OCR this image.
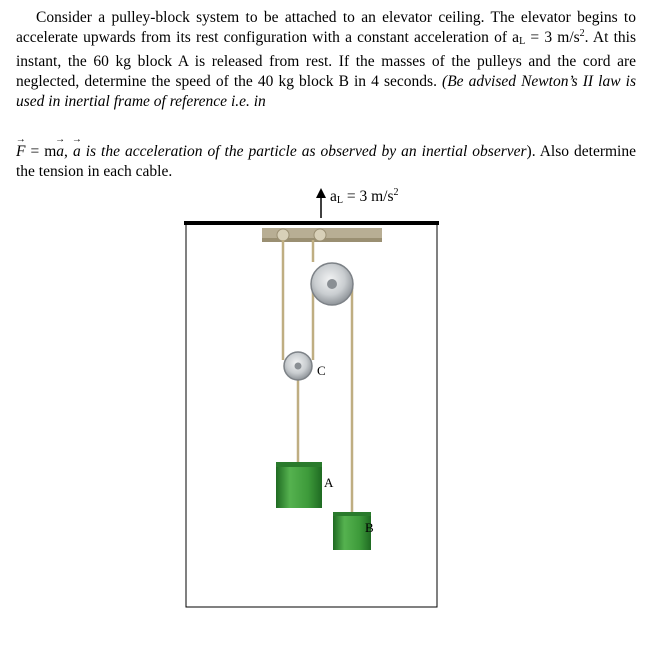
Consider a pulley-block system to be attached to an elevator ceiling. The elevator begins to accelerate upwards from its rest configuration with a constant acceleration of $a_L = 3$ $m/s^2$. At this instant, the 60 kg block A is released from rest. If the masses of the pulleys and the cord are neglected, determine the speed of the 40 kg block B in 4 seconds. (Be advised Newton’s II law is used in inertial frame of reference i.e. in

→ F = m→ a, → a is the acceleration of the particle as observed by an inertial observer). Also determine the tension in each cable.

$a_L = 3$ $m/s^2$
C
A
B
